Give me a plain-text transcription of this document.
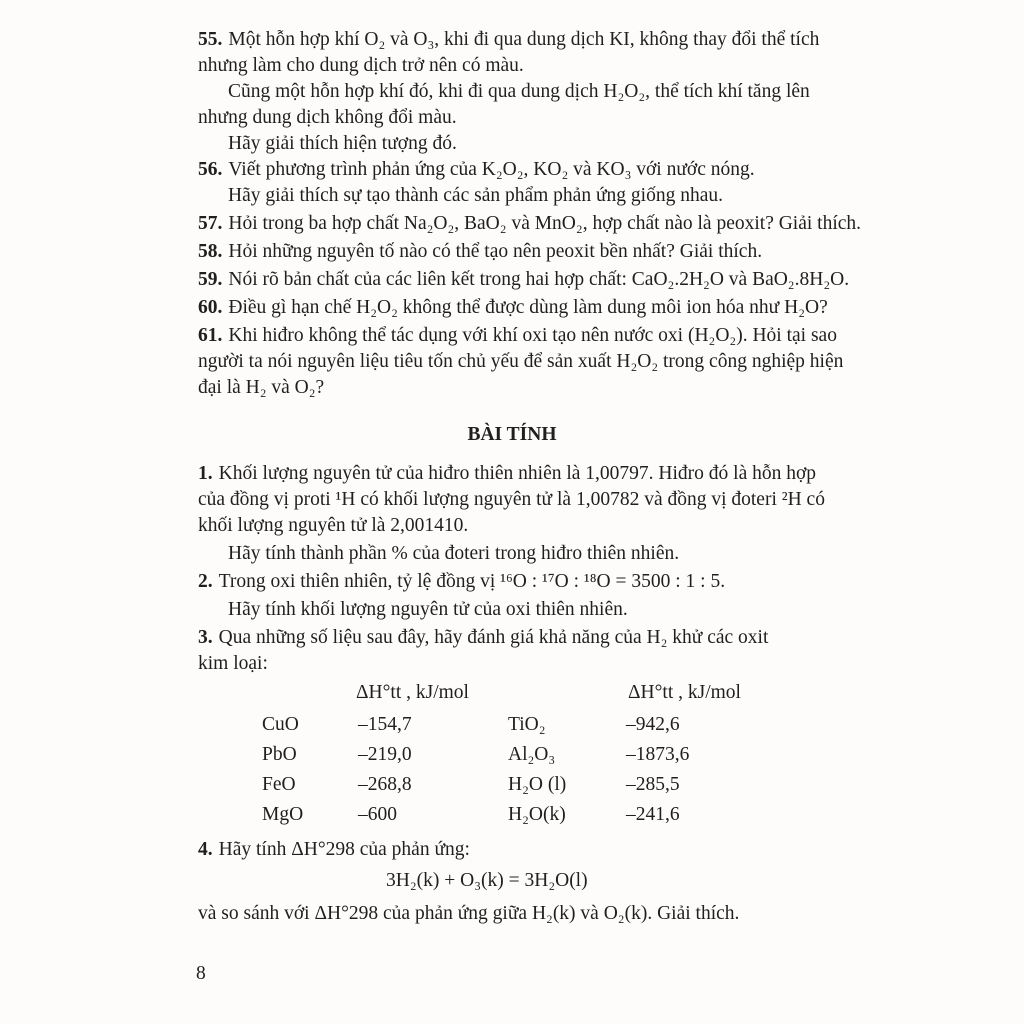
55. Một hỗn hợp khí O₂ và O₃, khi đi qua dung dịch KI, không thay đổi thể tích
nhưng làm cho dung dịch trở nên có màu.
Cũng một hỗn hợp khí đó, khi đi qua dung dịch H₂O₂, thể tích khí tăng lên
nhưng dung dịch không đổi màu.
Hãy giải thích hiện tượng đó.
56. Viết phương trình phản ứng của K₂O₂, KO₂ và KO₃ với nước nóng.
Hãy giải thích sự tạo thành các sản phẩm phản ứng giống nhau.
57. Hỏi trong ba hợp chất Na₂O₂, BaO₂ và MnO₂, hợp chất nào là peoxit? Giải thích.
58. Hỏi những nguyên tố nào có thể tạo nên peoxit bền nhất? Giải thích.
59. Nói rõ bản chất của các liên kết trong hai hợp chất: CaO₂.2H₂O và BaO₂.8H₂O.
60. Điều gì hạn chế H₂O₂ không thể được dùng làm dung môi ion hóa như H₂O?
61. Khi hiđro không thể tác dụng với khí oxi tạo nên nước oxi (H₂O₂). Hỏi tại sao
người ta nói nguyên liệu tiêu tốn chủ yếu để sản xuất H₂O₂ trong công nghiệp hiện
đại là H₂ và O₂?
BÀI TÍNH
1. Khối lượng nguyên tử của hiđro thiên nhiên là 1,00797. Hiđro đó là hỗn hợp
của đồng vị proti ¹H có khối lượng nguyên tử là 1,00782 và đồng vị đoteri ²H có
khối lượng nguyên tử là 2,001410.
Hãy tính thành phần % của đoteri trong hiđro thiên nhiên.
2. Trong oxi thiên nhiên, tỷ lệ đồng vị ¹⁶O : ¹⁷O : ¹⁸O = 3500 : 1 : 5.
Hãy tính khối lượng nguyên tử của oxi thiên nhiên.
3. Qua những số liệu sau đây, hãy đánh giá khả năng của H₂ khử các oxit
kim loại:
ΔH°tt , kJ/mol	ΔH°tt , kJ/mol
CuO	–154,7	TiO₂	–942,6
PbO	–219,0	Al₂O₃	–1873,6
FeO	–268,8	H₂O (l)	–285,5
MgO	–600	H₂O(k)	–241,6
4. Hãy tính ΔH°298 của phản ứng:
3H₂(k) + O₃(k) = 3H₂O(l)
và so sánh với ΔH°298 của phản ứng giữa H₂(k) và O₂(k). Giải thích.
8
